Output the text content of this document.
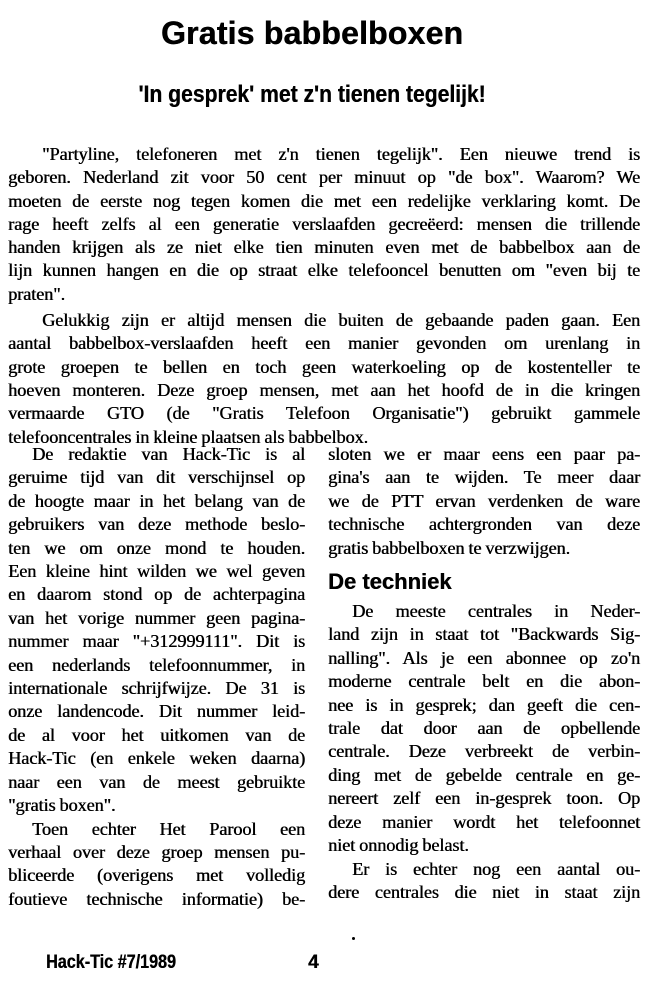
Gratis babbelboxen
'In gesprek' met z'n tienen tegelijk!
"Partyline, telefoneren met z'n tienen tegelijk". Een nieuwe trend is
geboren. Nederland zit voor 50 cent per minuut op "de box". Waarom? We
moeten de eerste nog tegen komen die met een redelijke verklaring komt. De
rage heeft zelfs al een generatie verslaafden gecreëerd: mensen die trillende
handen krijgen als ze niet elke tien minuten even met de babbelbox aan de
lijn kunnen hangen en die op straat elke telefooncel benutten om "even bij te
praten".
Gelukkig zijn er altijd mensen die buiten de gebaande paden gaan. Een
aantal babbelbox-verslaafden heeft een manier gevonden om urenlang in
grote groepen te bellen en toch geen waterkoeling op de kostenteller te
hoeven monteren. Deze groep mensen, met aan het hoofd de in die kringen
vermaarde GTO (de "Gratis Telefoon Organisatie") gebruikt gammele
telefooncentrales in kleine plaatsen als babbelbox.
De redaktie van Hack-Tic is al
geruime tijd van dit verschijnsel op
de hoogte maar in het belang van de
gebruikers van deze methode beslo-
ten we om onze mond te houden.
Een kleine hint wilden we wel geven
en daarom stond op de achterpagina
van het vorige nummer geen pagina-
nummer maar "+312999111". Dit is
een nederlands telefoonnummer, in
internationale schrijfwijze. De 31 is
onze landencode. Dit nummer leid-
de al voor het uitkomen van de
Hack-Tic (en enkele weken daarna)
naar een van de meest gebruikte
"gratis boxen".
Toen echter Het Parool een
verhaal over deze groep mensen pu-
bliceerde (overigens met volledig
foutieve technische informatie) be-
sloten we er maar eens een paar pa-
gina's aan te wijden. Te meer daar
we de PTT ervan verdenken de ware
technische achtergronden van deze
gratis babbelboxen te verzwijgen.
De techniek
De meeste centrales in Neder-
land zijn in staat tot "Backwards Sig-
nalling". Als je een abonnee op zo'n
moderne centrale belt en die abon-
nee is in gesprek; dan geeft die cen-
trale dat door aan de opbellende
centrale. Deze verbreekt de verbin-
ding met de gebelde centrale en ge-
nereert zelf een in-gesprek toon. Op
deze manier wordt het telefoonnet
niet onnodig belast.
Er is echter nog een aantal ou-
dere centrales die niet in staat zijn
Hack-Tic #7/1989	4
